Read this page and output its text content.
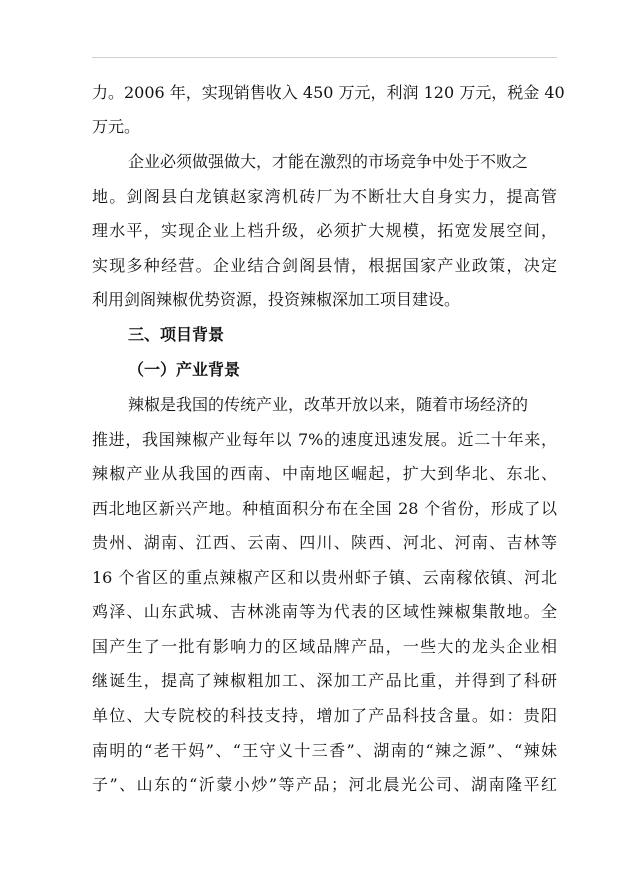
力。2006 年，实现销售收入 450 万元，利润 120 万元，税金 40
万元。
企业必须做强做大，才能在激烈的市场竞争中处于不败之
地。剑阁县白龙镇赵家湾机砖厂为不断壮大自身实力，提高管
理水平，实现企业上档升级，必须扩大规模，拓宽发展空间，
实现多种经营。企业结合剑阁县情，根据国家产业政策，决定
利用剑阁辣椒优势资源，投资辣椒深加工项目建设。
三、项目背景
（一）产业背景
辣椒是我国的传统产业，改革开放以来，随着市场经济的
推进，我国辣椒产业每年以 7%的速度迅速发展。近二十年来，
辣椒产业从我国的西南、中南地区崛起，扩大到华北、东北、
西北地区新兴产地。种植面积分布在全国 28 个省份，形成了以
贵州、湖南、江西、云南、四川、陕西、河北、河南、吉林等
16 个省区的重点辣椒产区和以贵州虾子镇、云南稼依镇、河北
鸡泽、山东武城、吉林洮南等为代表的区域性辣椒集散地。全
国产生了一批有影响力的区域品牌产品，一些大的龙头企业相
继诞生，提高了辣椒粗加工、深加工产品比重，并得到了科研
单位、大专院校的科技支持，增加了产品科技含量。如：贵阳
南明的“老干妈”、“王守义十三香”、湖南的“辣之源”、“辣妹
子”、山东的“沂蒙小炒”等产品；河北晨光公司、湖南隆平红
